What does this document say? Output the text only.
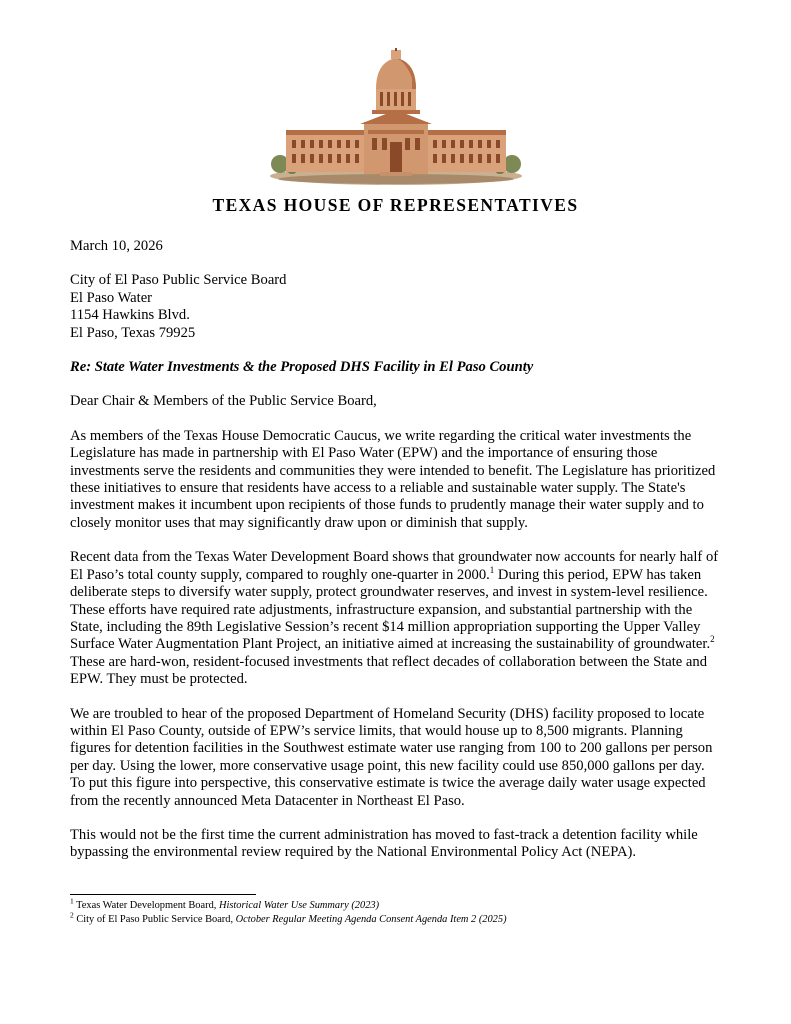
TEXAS HOUSE OF REPRESENTATIVES

March 10, 2026

City of El Paso Public Service Board
El Paso Water
1154 Hawkins Blvd.
El Paso, Texas 79925

Re: State Water Investments & the Proposed DHS Facility in El Paso County

Dear Chair & Members of the Public Service Board,

As members of the Texas House Democratic Caucus, we write regarding the critical water investments the Legislature has made in partnership with El Paso Water (EPW) and the importance of ensuring those investments serve the residents and communities they were intended to benefit. The Legislature has prioritized these initiatives to ensure that residents have access to a reliable and sustainable water supply. The State's investment makes it incumbent upon recipients of those funds to prudently manage their water supply and to closely monitor uses that may significantly draw upon or diminish that supply.

Recent data from the Texas Water Development Board shows that groundwater now accounts for nearly half of El Paso’s total county supply, compared to roughly one-quarter in 2000.$^1$ During this period, EPW has taken deliberate steps to diversify water supply, protect groundwater reserves, and invest in system-level resilience. These efforts have required rate adjustments, infrastructure expansion, and substantial partnership with the State, including the 89th Legislative Session’s recent $14 million appropriation supporting the Upper Valley Surface Water Augmentation Plant Project, an initiative aimed at increasing the sustainability of groundwater.$^2$ These are hard-won, resident-focused investments that reflect decades of collaboration between the State and EPW. They must be protected.

We are troubled to hear of the proposed Department of Homeland Security (DHS) facility proposed to locate within El Paso County, outside of EPW’s service limits, that would house up to 8,500 migrants. Planning figures for detention facilities in the Southwest estimate water use ranging from 100 to 200 gallons per person per day. Using the lower, more conservative usage point, this new facility could use 850,000 gallons per day. To put this figure into perspective, this conservative estimate is twice the average daily water usage expected from the recently announced Meta Datacenter in Northeast El Paso.

This would not be the first time the current administration has moved to fast-track a detention facility while bypassing the environmental review required by the National Environmental Policy Act (NEPA).

$^1$ Texas Water Development Board, Historical Water Use Summary (2023)
$^2$ City of El Paso Public Service Board, October Regular Meeting Agenda Consent Agenda Item 2 (2025)
